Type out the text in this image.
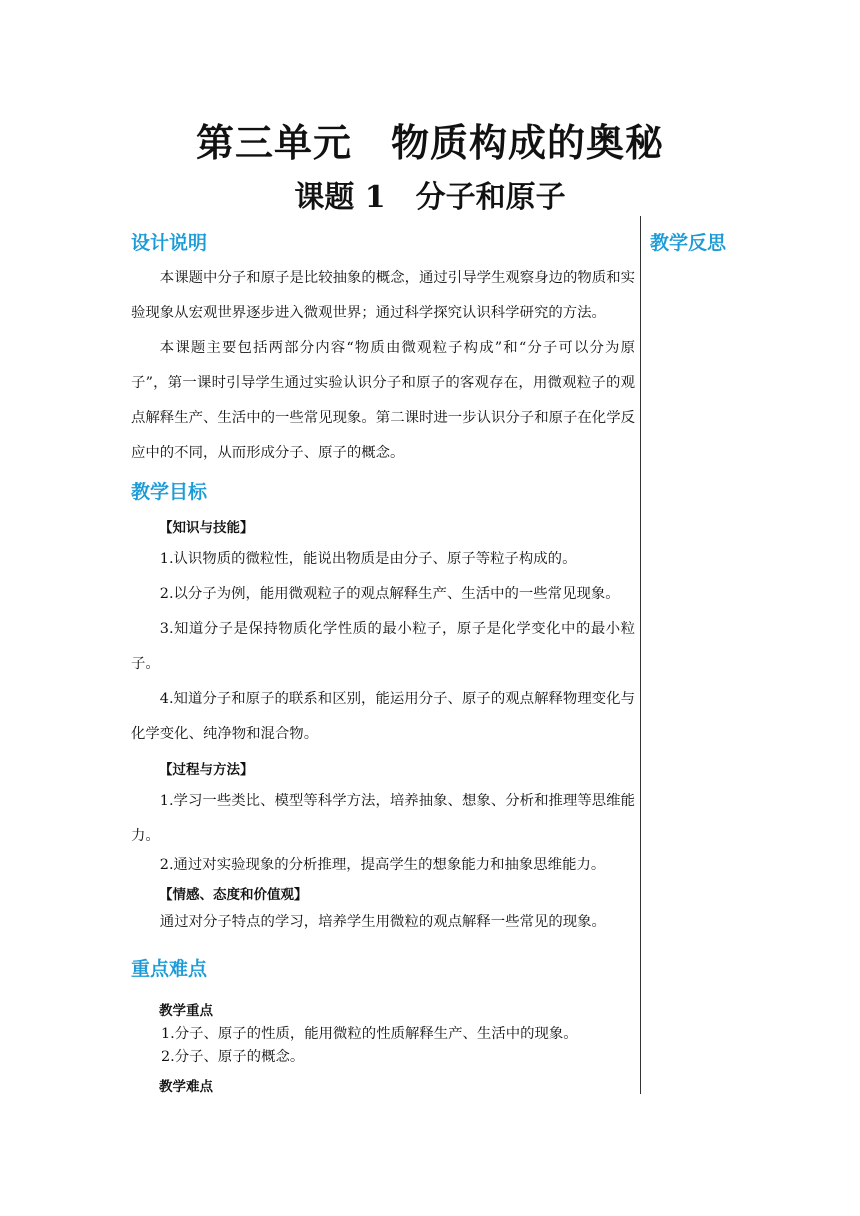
第三单元　物质构成的奥秘
课题 1　分子和原子
教学反思
设计说明

本课题中分子和原子是比较抽象的概念，通过引导学生观察身边的物质和实验现象从宏观世界逐步进入微观世界；通过科学探究认识科学研究的方法。

本课题主要包括两部分内容“物质由微观粒子构成”和“分子可以分为原子”，第一课时引导学生通过实验认识分子和原子的客观存在，用微观粒子的观点解释生产、生活中的一些常见现象。第二课时进一步认识分子和原子在化学反应中的不同，从而形成分子、原子的概念。

教学目标

【知识与技能】

1.认识物质的微粒性，能说出物质是由分子、原子等粒子构成的。

2.以分子为例，能用微观粒子的观点解释生产、生活中的一些常见现象。

3.知道分子是保持物质化学性质的最小粒子，原子是化学变化中的最小粒子。

4.知道分子和原子的联系和区别，能运用分子、原子的观点解释物理变化与化学变化、纯净物和混合物。

【过程与方法】

1.学习一些类比、模型等科学方法，培养抽象、想象、分析和推理等思维能力。

2.通过对实验现象的分析推理，提高学生的想象能力和抽象思维能力。

【情感、态度和价值观】

通过对分子特点的学习，培养学生用微粒的观点解释一些常见的现象。

重点难点

教学重点

1.分子、原子的性质，能用微粒的性质解释生产、生活中的现象。

2.分子、原子的概念。

教学难点
